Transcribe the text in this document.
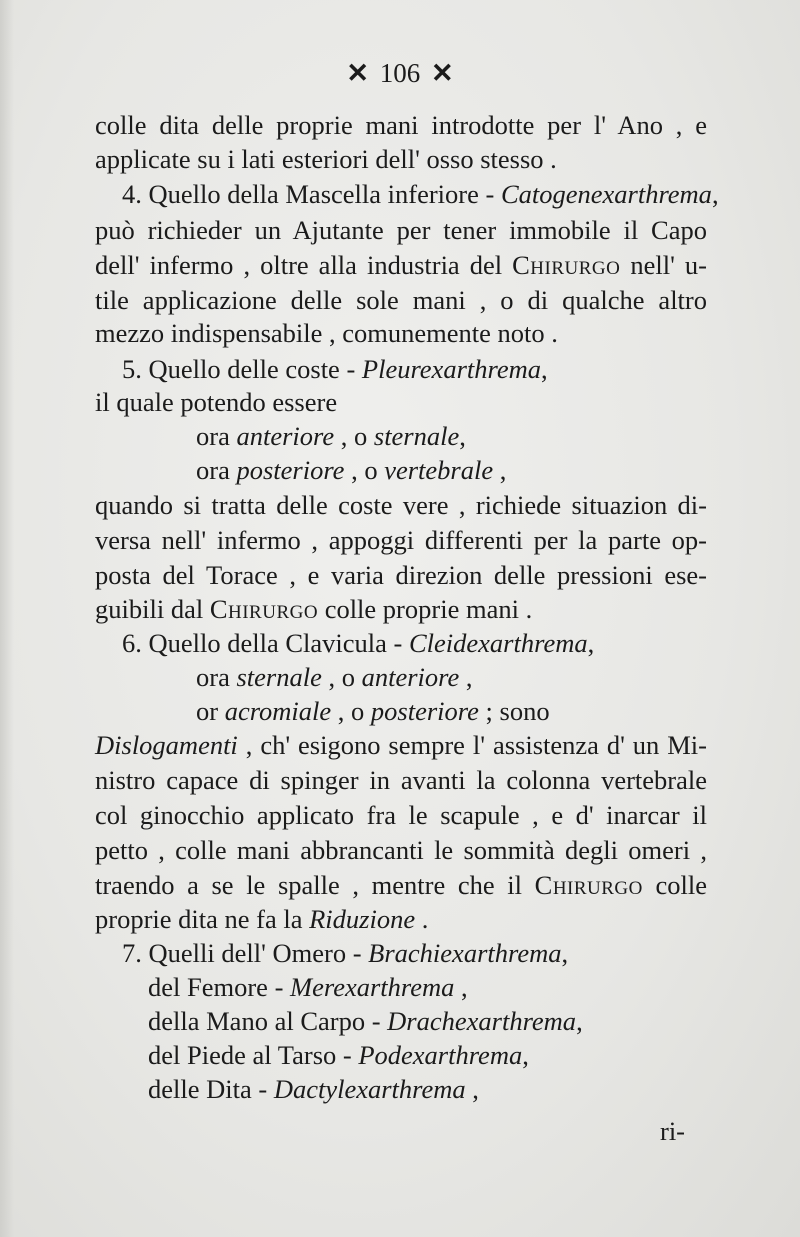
✕ 106 ✕
colle dita delle proprie mani introdotte per l' Ano , e
applicate su i lati esteriori dell' osso stesso .
4. Quello della Mascella inferiore - Catogenexarthrema,
può richieder un Ajutante per tener immobile il Capo
dell' infermo , oltre alla industria del Chirurgo nell' u-
tile applicazione delle sole mani , o di qualche altro
mezzo indispensabile , comunemente noto .
5. Quello delle coste - Pleurexarthrema,
il quale potendo essere
ora anteriore , o sternale,
ora posteriore , o vertebrale ,
quando si tratta delle coste vere , richiede situazion di-
versa nell' infermo , appoggi differenti per la parte op-
posta del Torace , e varia direzion delle pressioni ese-
guibili dal Chirurgo colle proprie mani .
6. Quello della Clavicula - Cleidexarthrema,
ora sternale , o anteriore ,
or acromiale , o posteriore ; sono
Dislogamenti , ch' esigono sempre l' assistenza d' un Mi-
nistro capace di spinger in avanti la colonna vertebrale
col ginocchio applicato fra le scapule , e d' inarcar il
petto , colle mani abbrancanti le sommità degli omeri ,
traendo a se le spalle , mentre che il Chirurgo colle
proprie dita ne fa la Riduzione .
7. Quelli dell' Omero - Brachiexarthrema,
del Femore - Merexarthrema ,
della Mano al Carpo - Drachexarthrema,
del Piede al Tarso - Podexarthrema,
delle Dita - Dactylexarthrema ,
ri-
